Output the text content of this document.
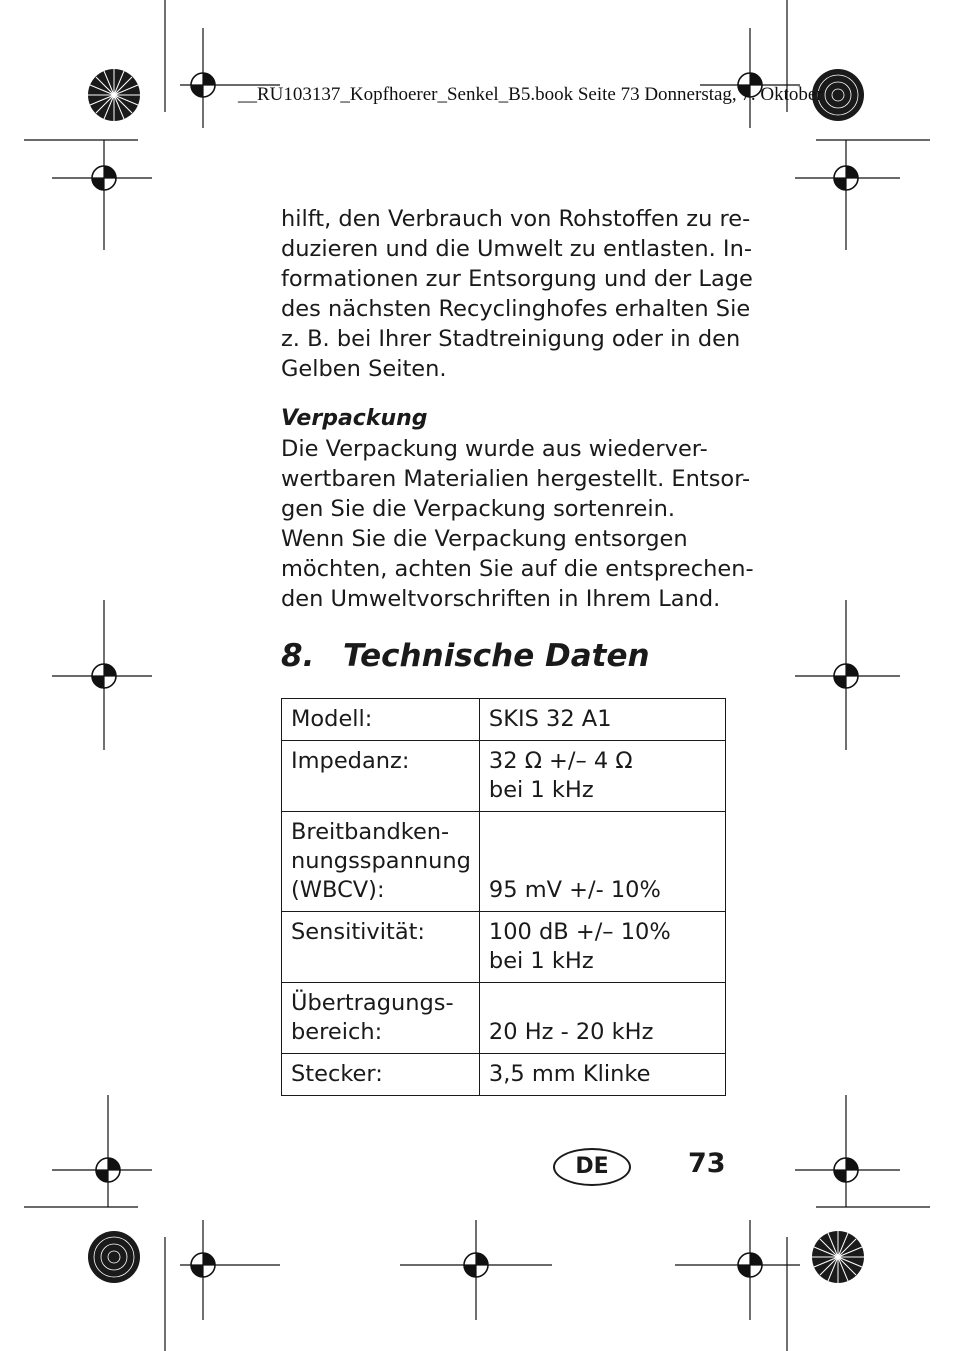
__RU103137_Kopfhoerer_Senkel_B5.book Seite 73 Donnerstag, 7. Oktober

hilft, den Verbrauch von Rohstoffen zu re-
duzieren und die Umwelt zu entlasten. In-
formationen zur Entsorgung und der Lage
des nächsten Recyclinghofes erhalten Sie
z. B. bei Ihrer Stadtreinigung oder in den
Gelben Seiten.

Verpackung

Die Verpackung wurde aus wiederver-
wertbaren Materialien hergestellt. Entsor-
gen Sie die Verpackung sortenrein.
Wenn Sie die Verpackung entsorgen
möchten, achten Sie auf die entsprechen-
den Umweltvorschriften in Ihrem Land.

8. Technische Daten
Modell:	SKIS 32 A1

Impedanz:	32 Ω +/– 4 Ω
bei 1 kHz

Breitbandken-
nungsspannung
(WBCV):	95 mV +/- 10%

Sensitivität:	100 dB +/– 10%
bei 1 kHz

Übertragungs-
bereich:	20 Hz - 20 kHz

Stecker:	3,5 mm Klinke
DE	73
